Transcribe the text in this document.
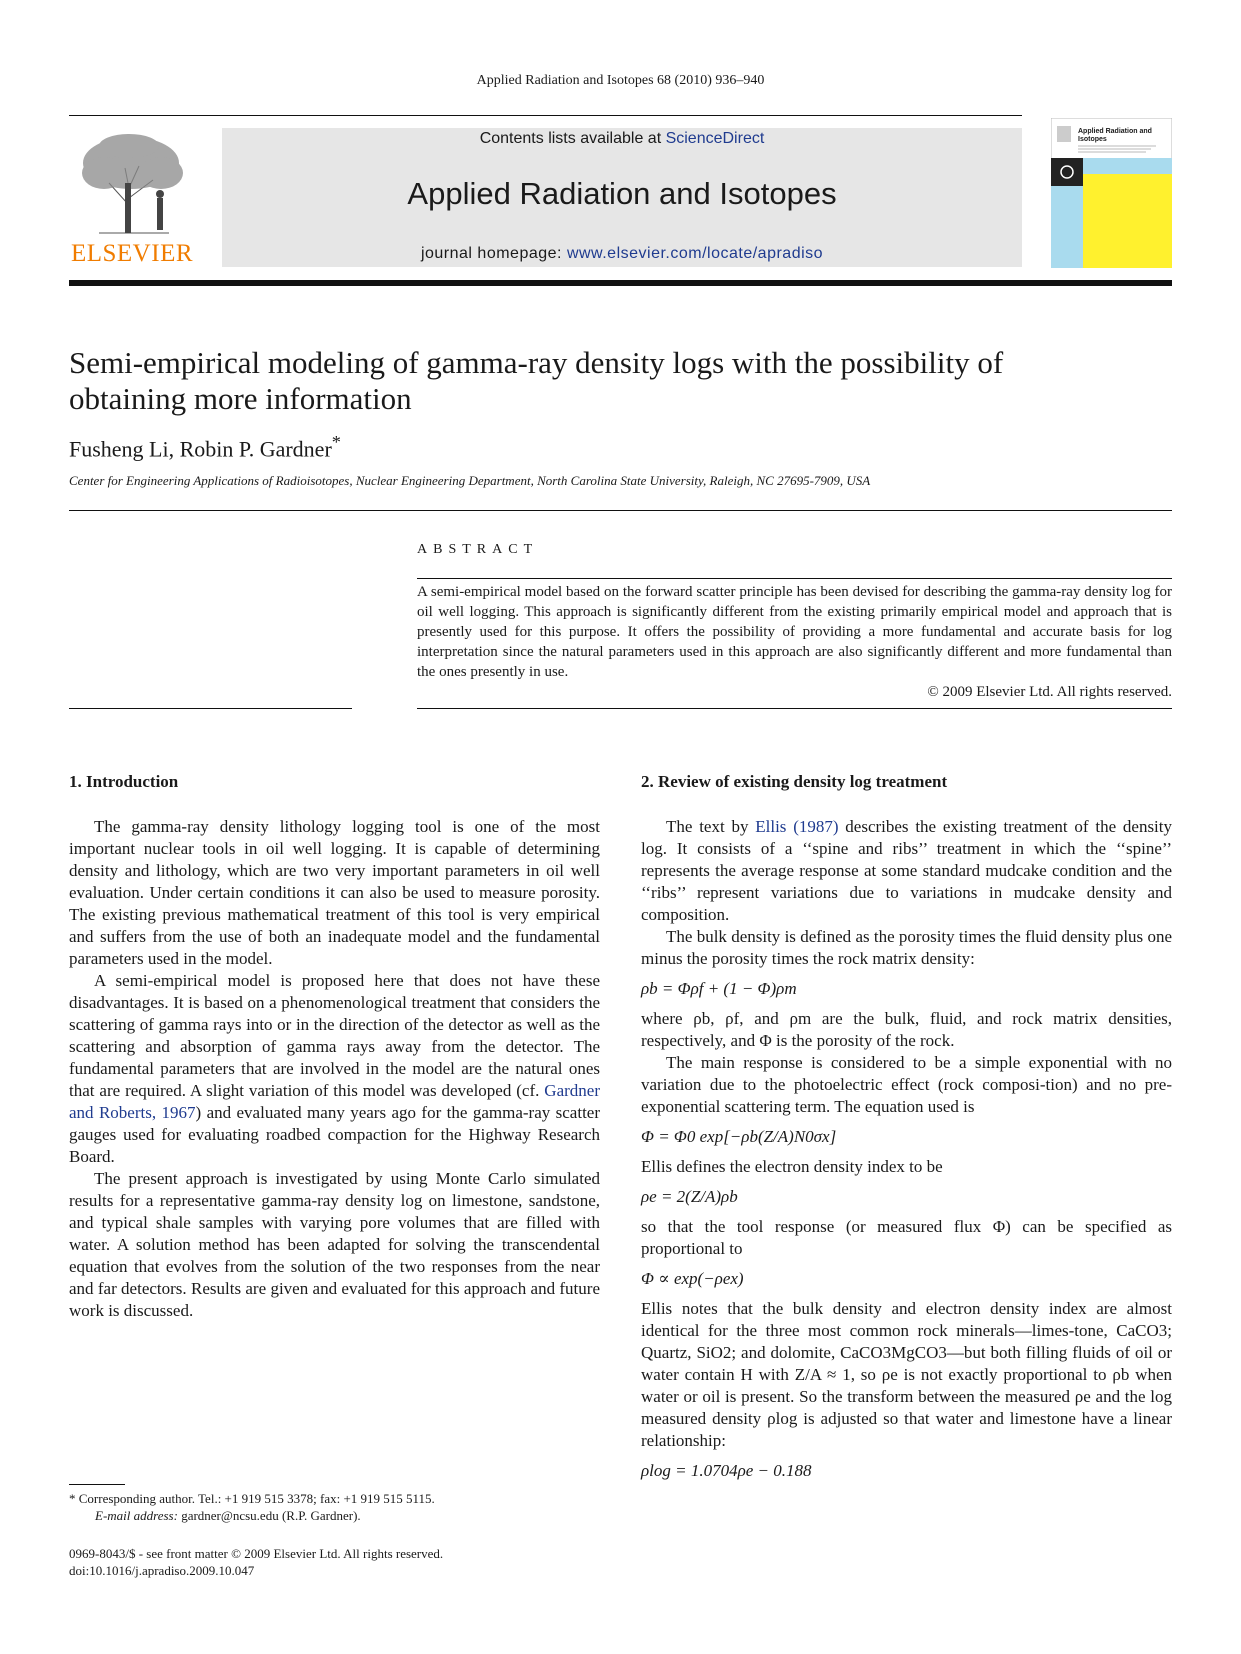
Applied Radiation and Isotopes 68 (2010) 936–940
ELSEVIER
Contents lists available at ScienceDirect
Applied Radiation and Isotopes
journal homepage: www.elsevier.com/locate/apradiso
Applied Radiation and Isotopes
Semi-empirical modeling of gamma-ray density logs with the possibility of
obtaining more information
Fusheng Li, Robin P. Gardner*
Center for Engineering Applications of Radioisotopes, Nuclear Engineering Department, North Carolina State University, Raleigh, NC 27695-7909, USA
ABSTRACT
A semi-empirical model based on the forward scatter principle has been devised for describing the gamma-ray density log for oil well logging. This approach is significantly different from the existing primarily empirical model and approach that is presently used for this purpose. It offers the possibility of providing a more fundamental and accurate basis for log interpretation since the natural parameters used in this approach are also significantly different and more fundamental than the ones presently in use.
© 2009 Elsevier Ltd. All rights reserved.
1. Introduction

The gamma-ray density lithology logging tool is one of the most important nuclear tools in oil well logging. It is capable of determining density and lithology, which are two very important parameters in oil well evaluation. Under certain conditions it can also be used to measure porosity. The existing previous mathematical treatment of this tool is very empirical and suffers from the use of both an inadequate model and the fundamental parameters used in the model.

A semi-empirical model is proposed here that does not have these disadvantages. It is based on a phenomenological treatment that considers the scattering of gamma rays into or in the direction of the detector as well as the scattering and absorption of gamma rays away from the detector. The fundamental parameters that are involved in the model are the natural ones that are required. A slight variation of this model was developed (cf. Gardner and Roberts, 1967) and evaluated many years ago for the gamma-ray scatter gauges used for evaluating roadbed compaction for the Highway Research Board.

The present approach is investigated by using Monte Carlo simulated results for a representative gamma-ray density log on limestone, sandstone, and typical shale samples with varying pore volumes that are filled with water. A solution method has been adapted for solving the transcendental equation that evolves from the solution of the two responses from the near and far detectors. Results are given and evaluated for this approach and future work is discussed.

* Corresponding author. Tel.: +1 919 515 3378; fax: +1 919 515 5115.
E-mail address: gardner@ncsu.edu (R.P. Gardner).
0969-8043/$ - see front matter © 2009 Elsevier Ltd. All rights reserved.
doi:10.1016/j.apradiso.2009.10.047
2. Review of existing density log treatment

The text by Ellis (1987) describes the existing treatment of the density log. It consists of a ‘‘spine and ribs’’ treatment in which the ‘‘spine’’ represents the average response at some standard mudcake condition and the ‘‘ribs’’ represent variations due to variations in mudcake density and composition.

The bulk density is defined as the porosity times the fluid density plus one minus the porosity times the rock matrix density:

ρb = Φρf + (1 − Φ)ρm

where ρb, ρf, and ρm are the bulk, fluid, and rock matrix densities, respectively, and Φ is the porosity of the rock.

The main response is considered to be a simple exponential with no variation due to the photoelectric effect (rock composi-tion) and no pre-exponential scattering term. The equation used is

Φ = Φ0 exp[−ρb(Z/A)N0σx]

Ellis defines the electron density index to be

ρe = 2(Z/A)ρb

so that the tool response (or measured flux Φ) can be specified as proportional to

Φ ∝ exp(−ρex)

Ellis notes that the bulk density and electron density index are almost identical for the three most common rock minerals—limes-tone, CaCO3; Quartz, SiO2; and dolomite, CaCO3MgCO3—but both filling fluids of oil or water contain H with Z/A ≈ 1, so ρe is not exactly proportional to ρb when water or oil is present. So the transform between the measured ρe and the log measured density ρlog is adjusted so that water and limestone have a linear relationship:

ρlog = 1.0704ρe − 0.188
